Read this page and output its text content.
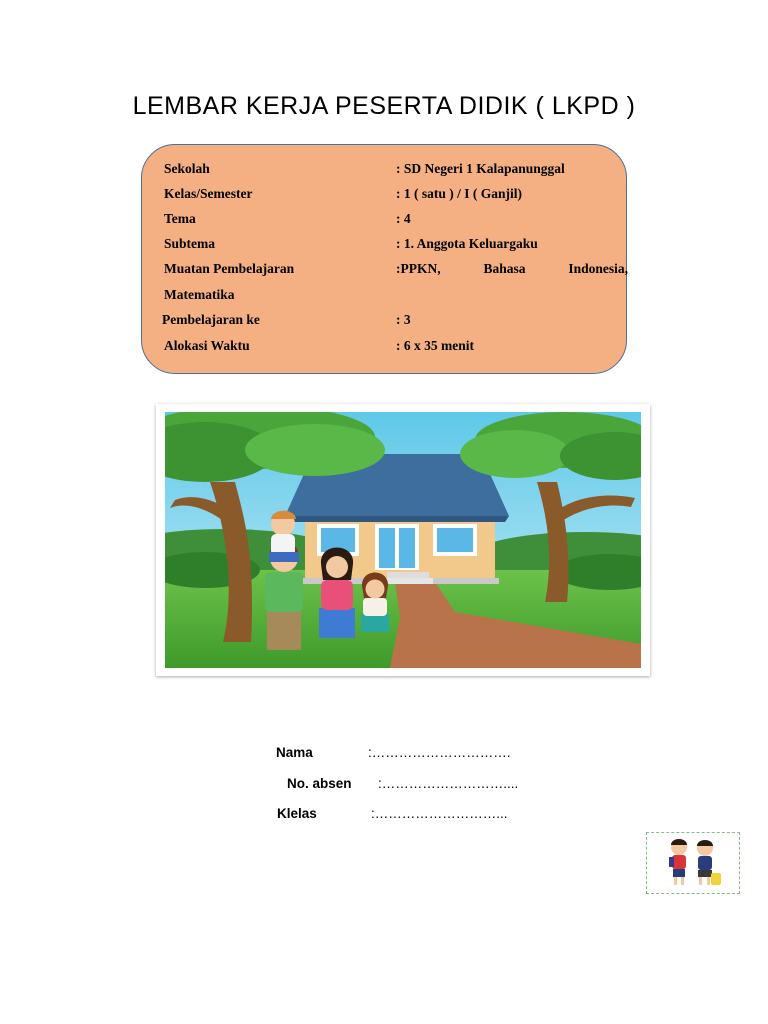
LEMBAR KERJA PESERTA DIDIK ( LKPD )
Sekolah	: SD Negeri 1 Kalapanunggal
Kelas/Semester	: 1 ( satu ) / I ( Ganjil)
Tema	: 4
Subtema	: 1. Anggota Keluargaku
Muatan Pembelajaran	:PPKN,	Bahasa	Indonesia,
Matematika
Pembelajaran ke	: 3
Alokasi Waktu	: 6 x 35 menit
Nama	:………………………….
No. absen :………………………....
Klelas	:………………………...
